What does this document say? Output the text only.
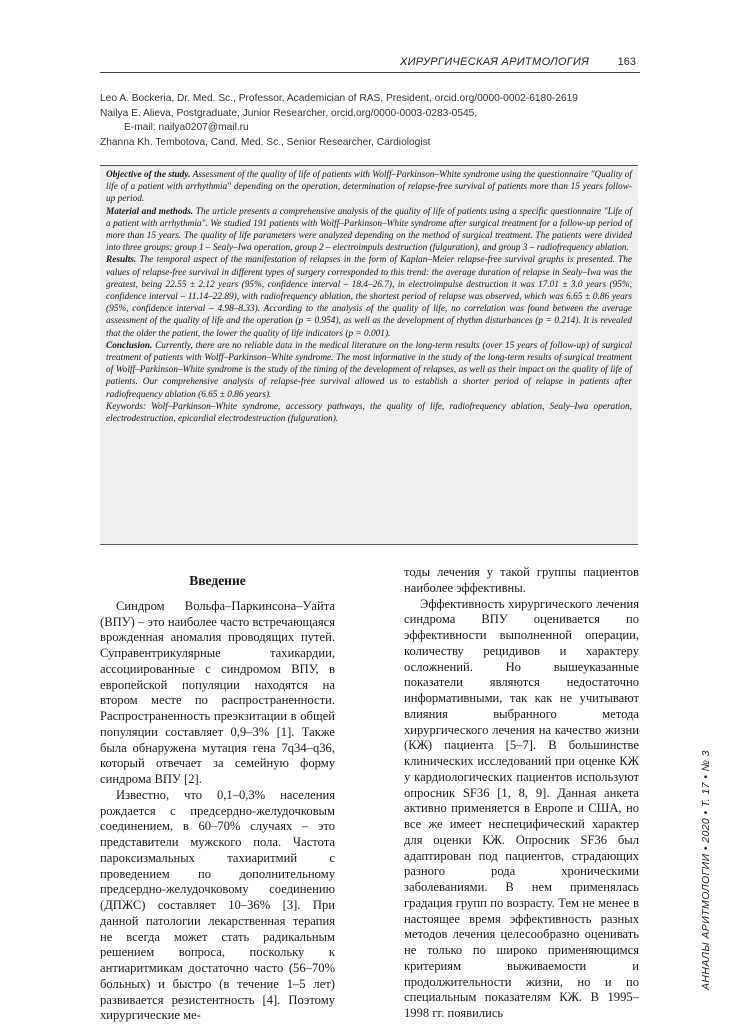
ХИРУРГИЧЕСКАЯ АРИТМОЛОГИЯ	163
Leo A. Bockeria, Dr. Med. Sc., Professor, Academician of RAS, President, orcid.org/0000-0002-6180-2619
Nailya E. Alieva, Postgraduate, Junior Researcher, orcid.org/0000-0003-0283-0545,
E-mail: nailya0207@mail.ru
Zhanna Kh. Tembotova, Cand. Med. Sc., Senior Researcher, Cardiologist

Objective of the study. Assessment of the quality of life of patients with Wolff–Parkinson–White syndrome using the questionnaire "Quality of life of a patient with arrhythmia" depending on the operation, determination of relapse-free survival of patients more than 15 years follow-up period.

Material and methods. The article presents a comprehensive analysis of the quality of life of patients using a specific questionnaire "Life of a patient with arrhythmia". We studied 191 patients with Wolff–Parkinson–White syndrome after surgical treatment for a follow-up period of more than 15 years. The quality of life parameters were analyzed depending on the method of surgical treatment. The patients were divided into three groups: group 1 – Sealy–Iwa operation, group 2 – electroimpuls destruction (fulguration), and group 3 – radiofrequency ablation.

Results. The temporal aspect of the manifestation of relapses in the form of Kaplan–Meier relapse-free survival graphs is presented. The values of relapse-free survival in different types of surgery corresponded to this trend: the average duration of relapse in Sealy–Iwa was the greatest, being 22.55 ± 2.12 years (95%, confidence interval – 18.4–26.7), in electroimpulse destruction it was 17.01 ± 3.0 years (95%, confidence interval – 11.14–22.89), with radiofrequency ablation, the shortest period of relapse was observed, which was 6.65 ± 0.86 years (95%, confidence interval – 4.98–8.33). According to the analysis of the quality of life, no correlation was found between the average assessment of the quality of life and the operation (p = 0.954), as well as the development of rhythm disturbances (p = 0.214). It is revealed that the older the patient, the lower the quality of life indicators (p = 0.001).

Conclusion. Currently, there are no reliable data in the medical literature on the long-term results (over 15 years of follow-up) of surgical treatment of patients with Wolff–Parkinson–White syndrome. The most informative in the study of the long-term results of surgical treatment of Wolff–Parkinson–White syndrome is the study of the timing of the development of relapses, as well as their impact on the quality of life of patients. Our comprehensive analysis of relapse-free survival allowed us to establish a shorter period of relapse in patients after radiofrequency ablation (6.65 ± 0.86 years).

Keywords: Wolf–Parkinson–White syndrome, accessory pathways, the quality of life, radiofrequency ablation, Sealy–Iwa operation, electrodestruction, epicardial electrodestruction (fulguration).

Введение

Синдром Вольфа–Паркинсона–Уайта (ВПУ) – это наиболее часто встречающаяся врожденная аномалия проводящих путей. Суправентрикулярные тахикардии, ассоциированные с синдромом ВПУ, в европейской популяции находятся на втором месте по распространенности. Распространенность преэкзитации в общей популяции составляет 0,9–3% [1]. Также была обнаружена мутация гена 7q34–q36, который отвечает за семейную форму синдрома ВПУ [2].

Известно, что 0,1–0,3% населения рождается с предсердно-желудочковым соединением, в 60–70% случаях – это представители мужского пола. Частота пароксизмальных тахиаритмий с проведением по дополнительному предсердно-желудочковому соединению (ДПЖС) составляет 10–36% [3]. При данной патологии лекарственная терапия не всегда может стать радикальным решением вопроса, поскольку к антиаритмикам достаточно часто (56–70% больных) и быстро (в течение 1–5 лет) развивается резистентность [4]. Поэтому хирургические ме-

тоды лечения у такой группы пациентов наиболее эффективны.

Эффективность хирургического лечения синдрома ВПУ оценивается по эффективности выполненной операции, количеству рецидивов и характеру осложнений. Но вышеуказанные показатели являются недостаточно информативными, так как не учитывают влияния выбранного метода хирургического лечения на качество жизни (КЖ) пациента [5–7]. В большинстве клинических исследований при оценке КЖ у кардиологических пациентов используют опросник SF36 [1, 8, 9]. Данная анкета активно применяется в Европе и США, но все же имеет неспецифический характер для оценки КЖ. Опросник SF36 был адаптирован под пациентов, страдающих разного рода хроническими заболеваниями. В нем применялась градация групп по возрасту. Тем не менее в настоящее время эффективность разных методов лечения целесообразно оценивать не только по широко применяющимся критериям выживаемости и продолжительности жизни, но и по специальным показателям КЖ. В 1995–1998 гг. появились

АННАЛЫ АРИТМОЛОГИИ • 2020 • Т. 17 • № 3
